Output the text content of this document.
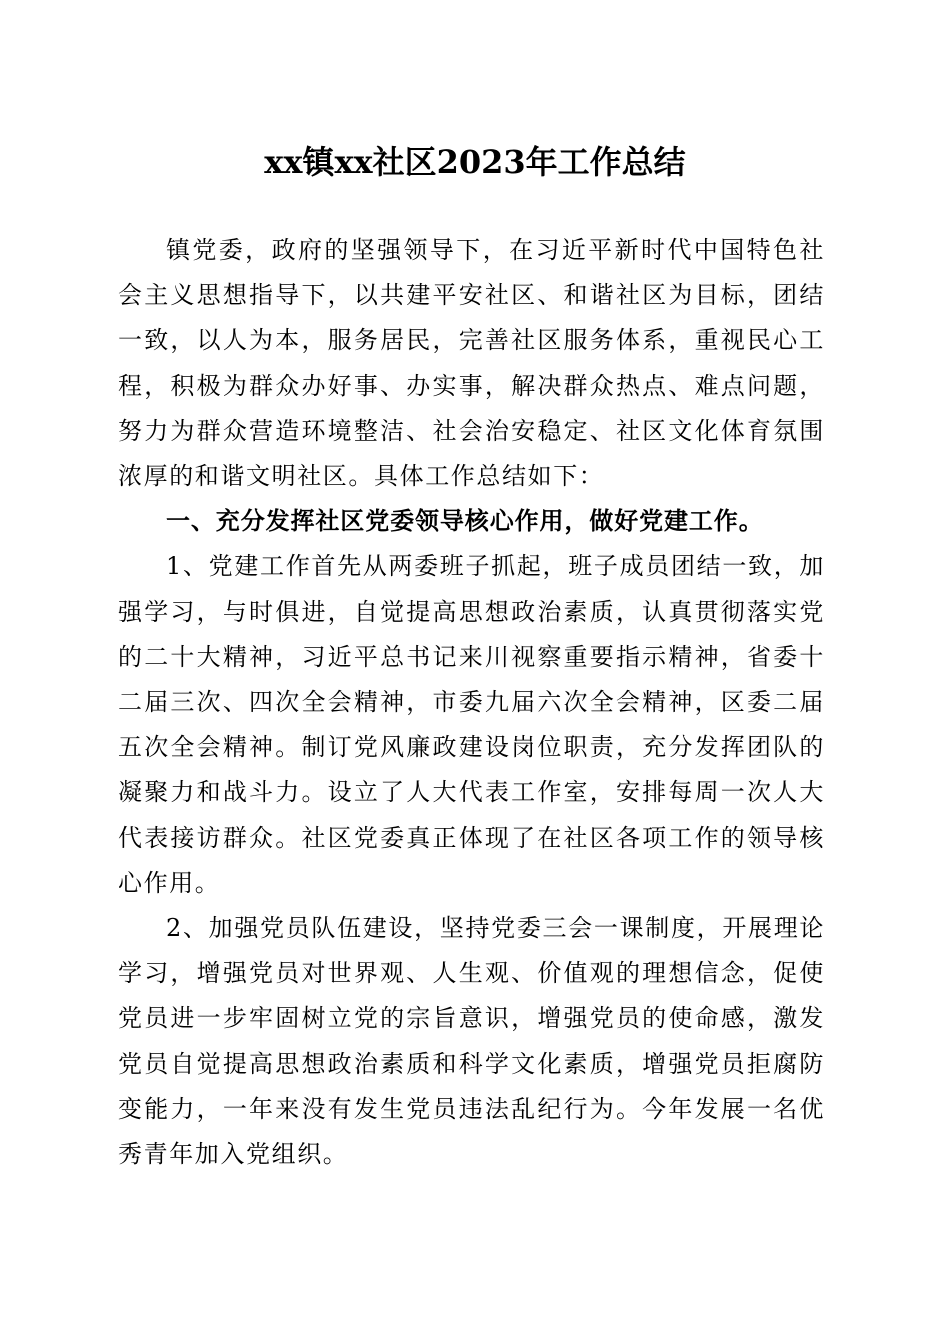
xx镇xx社区2023年工作总结

镇党委，政府的坚强领导下，在习近平新时代中国特色社会主义思想指导下，以共建平安社区、和谐社区为目标，团结一致，以人为本，服务居民，完善社区服务体系，重视民心工程，积极为群众办好事、办实事，解决群众热点、难点问题，努力为群众营造环境整洁、社会治安稳定、社区文化体育氛围浓厚的和谐文明社区。具体工作总结如下：

一、充分发挥社区党委领导核心作用，做好党建工作。

1、党建工作首先从两委班子抓起，班子成员团结一致，加强学习，与时俱进，自觉提高思想政治素质，认真贯彻落实党的二十大精神，习近平总书记来川视察重要指示精神，省委十二届三次、四次全会精神，市委九届六次全会精神，区委二届五次全会精神。制订党风廉政建设岗位职责，充分发挥团队的凝聚力和战斗力。设立了人大代表工作室，安排每周一次人大代表接访群众。社区党委真正体现了在社区各项工作的领导核心作用。

2、加强党员队伍建设，坚持党委三会一课制度，开展理论学习，增强党员对世界观、人生观、价值观的理想信念，促使党员进一步牢固树立党的宗旨意识，增强党员的使命感，激发党员自觉提高思想政治素质和科学文化素质，增强党员拒腐防变能力，一年来没有发生党员违法乱纪行为。今年发展一名优秀青年加入党组织。
